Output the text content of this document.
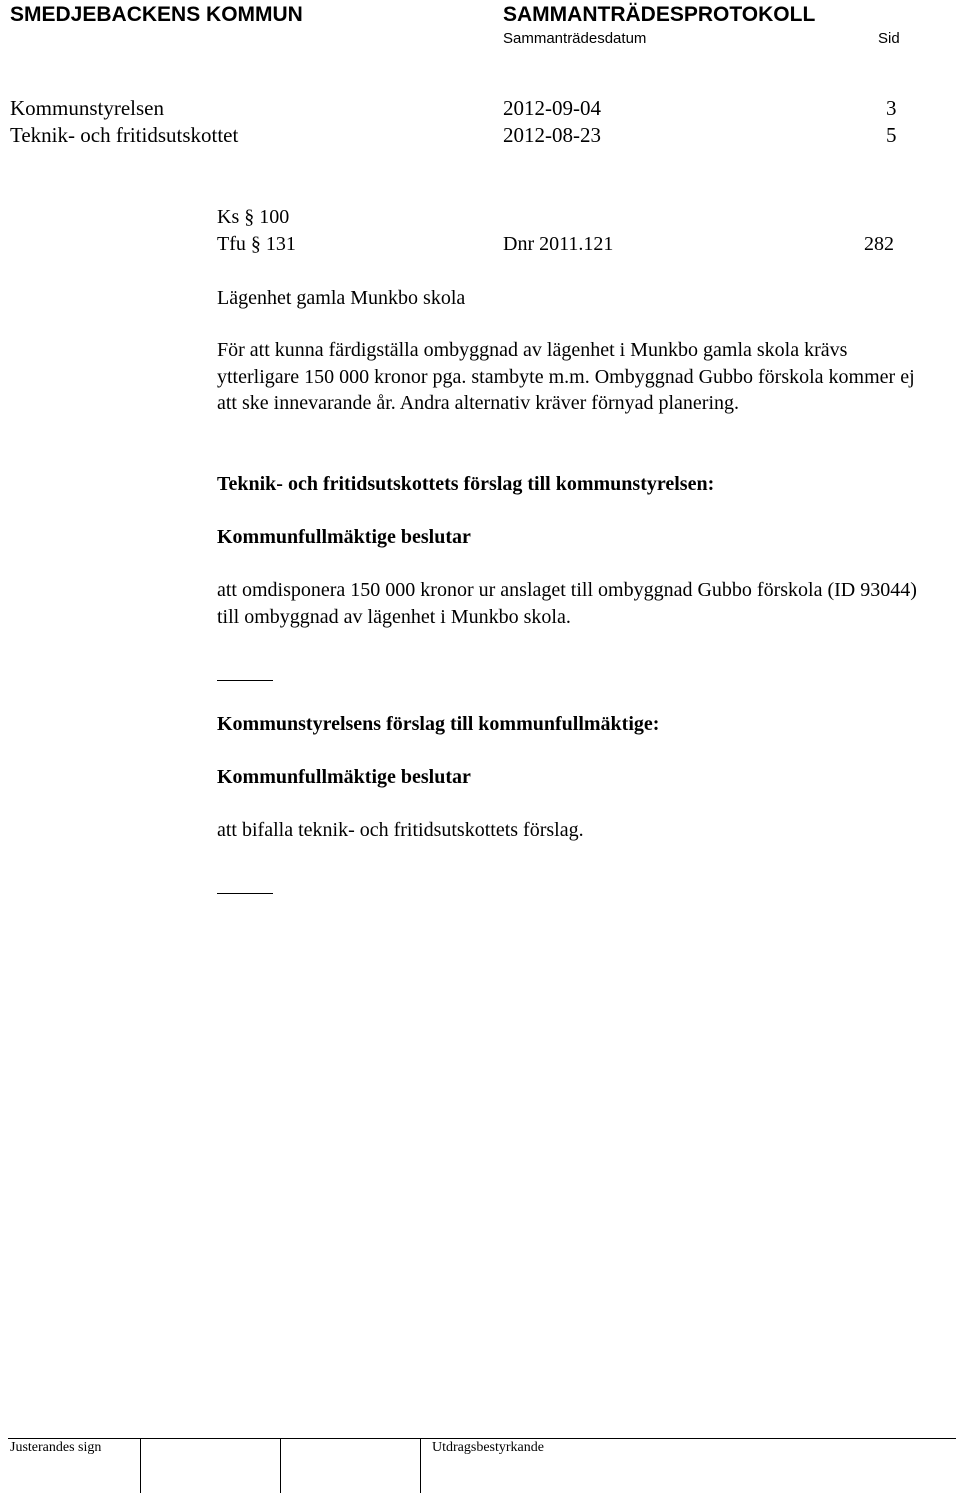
SMEDJEBACKENS KOMMUN	SAMMANTRÄDESPROTOKOLL
Sammanträdesdatum	Sid
Kommunstyrelsen	2012-09-04	3
Teknik- och fritidsutskottet	2012-08-23	5
Ks § 100
Tfu § 131	Dnr 2011.121	282
Lägenhet gamla Munkbo skola
För att kunna färdigställa ombyggnad av lägenhet i Munkbo gamla skola krävs ytterligare 150 000 kronor pga. stambyte m.m. Ombyggnad Gubbo förskola kommer ej att ske innevarande år. Andra alternativ kräver förnyad planering.
Teknik- och fritidsutskottets förslag till kommunstyrelsen:
Kommunfullmäktige beslutar
att omdisponera 150 000 kronor ur anslaget till ombyggnad Gubbo förskola (ID 93044) till ombyggnad av lägenhet i Munkbo skola.
Kommunstyrelsens förslag till kommunfullmäktige:
Kommunfullmäktige beslutar
att bifalla teknik- och fritidsutskottets förslag.
Justerandes sign	Utdragsbestyrkande
